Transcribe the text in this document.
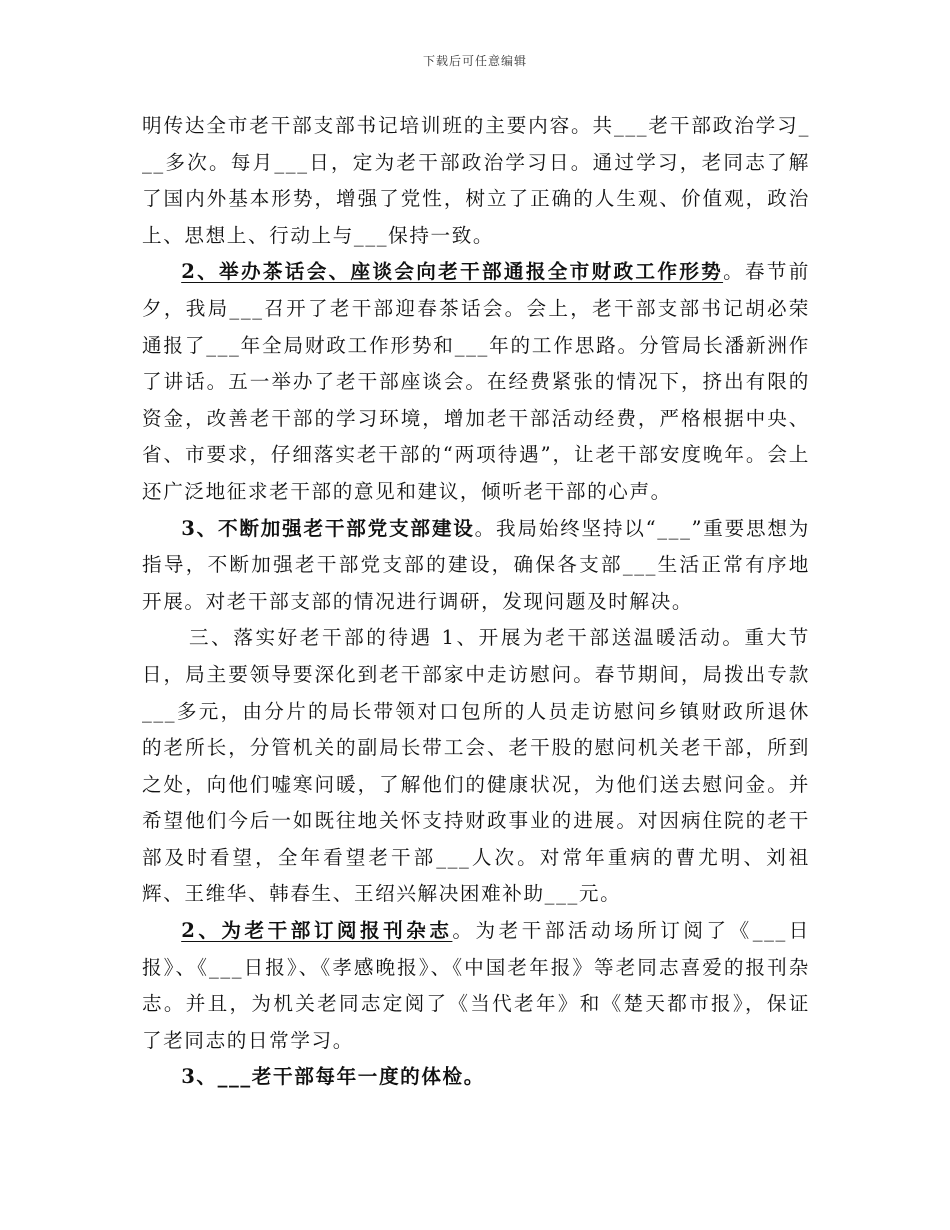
下载后可任意编辑

明传达全市老干部支部书记培训班的主要内容。共___老干部政治学习___多次。每月___日，定为老干部政治学习日。通过学习，老同志了解了国内外基本形势，增强了党性，树立了正确的人生观、价值观，政治上、思想上、行动上与___保持一致。

2、举办茶话会、座谈会向老干部通报全市财政工作形势。春节前夕，我局___召开了老干部迎春茶话会。会上，老干部支部书记胡必荣通报了___年全局财政工作形势和___年的工作思路。分管局长潘新洲作了讲话。五一举办了老干部座谈会。在经费紧张的情况下，挤出有限的资金，改善老干部的学习环境，增加老干部活动经费，严格根据中央、省、市要求，仔细落实老干部的“两项待遇”，让老干部安度晚年。会上还广泛地征求老干部的意见和建议，倾听老干部的心声。

3、不断加强老干部党支部建设。我局始终坚持以“___”重要思想为指导，不断加强老干部党支部的建设，确保各支部___生活正常有序地开展。对老干部支部的情况进行调研，发现问题及时解决。

三、落实好老干部的待遇 1、开展为老干部送温暖活动。重大节日，局主要领导要深化到老干部家中走访慰问。春节期间，局拨出专款___多元，由分片的局长带领对口包所的人员走访慰问乡镇财政所退休的老所长，分管机关的副局长带工会、老干股的慰问机关老干部，所到之处，向他们嘘寒问暖，了解他们的健康状况，为他们送去慰问金。并希望他们今后一如既往地关怀支持财政事业的进展。对因病住院的老干部及时看望，全年看望老干部___人次。对常年重病的曹尤明、刘祖辉、王维华、韩春生、王绍兴解决困难补助___元。

2、为老干部订阅报刊杂志。为老干部活动场所订阅了《___日报》、《___日报》、《孝感晚报》、《中国老年报》等老同志喜爱的报刊杂志。并且，为机关老同志定阅了《当代老年》和《楚天都市报》，保证了老同志的日常学习。

3、___老干部每年一度的体检。
